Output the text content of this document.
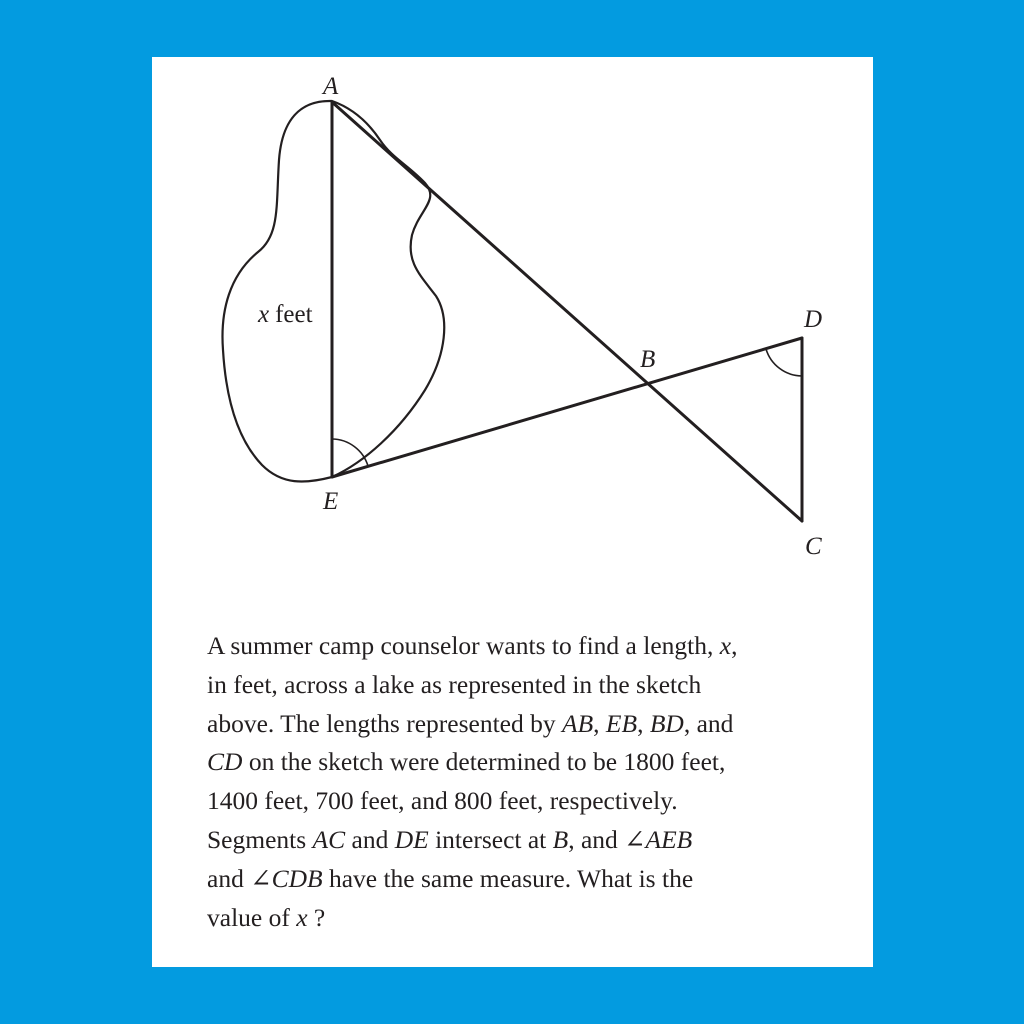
A
B
C
D
E
x feet

A summer camp counselor wants to find a length, x,
in feet, across a lake as represented in the sketch
above. The lengths represented by AB, EB, BD, and
CD on the sketch were determined to be 1800 feet,
1400 feet, 700 feet, and 800 feet, respectively.
Segments AC and DE intersect at B, and ∠AEB
and ∠CDB have the same measure. What is the
value of x ?
